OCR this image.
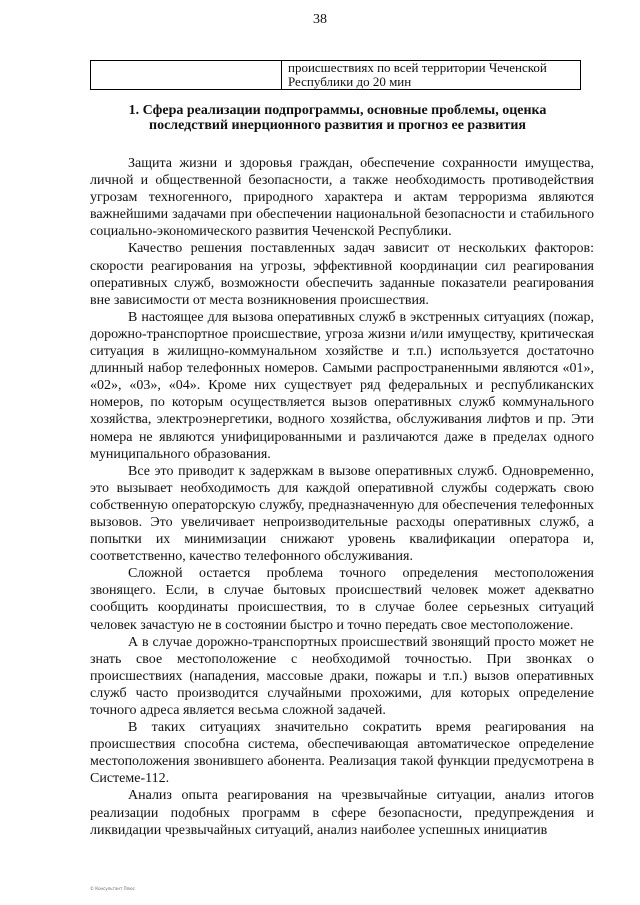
38
	происшествиях по всей территории Чеченской Республики до 20 мин
1. Сфера реализации подпрограммы, основные проблемы, оценка последствий инерционного развития и прогноз ее развития

Защита жизни и здоровья граждан, обеспечение сохранности имущества, личной и общественной безопасности, а также необходимость противодействия угрозам техногенного, природного характера и актам терроризма являются важнейшими задачами при обеспечении национальной безопасности и стабильного социально-экономического развития Чеченской Республики.

Качество решения поставленных задач зависит от нескольких факторов: скорости реагирования на угрозы, эффективной координации сил реагирования оперативных служб, возможности обеспечить заданные показатели реагирования вне зависимости от места возникновения происшествия.

В настоящее для вызова оперативных служб в экстренных ситуациях (пожар, дорожно-транспортное происшествие, угроза жизни и/или имуществу, критическая ситуация в жилищно-коммунальном хозяйстве и т.п.) используется достаточно длинный набор телефонных номеров. Самыми распространенными являются «01», «02», «03», «04». Кроме них существует ряд федеральных и республиканских номеров, по которым осуществляется вызов оперативных служб коммунального хозяйства, электроэнергетики, водного хозяйства, обслуживания лифтов и пр. Эти номера не являются унифицированными и различаются даже в пределах одного муниципального образования.

Все это приводит к задержкам в вызове оперативных служб. Одновременно, это вызывает необходимость для каждой оперативной службы содержать свою собственную операторскую службу, предназначенную для обеспечения телефонных вызовов. Это увеличивает непроизводительные расходы оперативных служб, а попытки их минимизации снижают уровень квалификации оператора и, соответственно, качество телефонного обслуживания.

Сложной остается проблема точного определения местоположения звонящего. Если, в случае бытовых происшествий человек может адекватно сообщить координаты происшествия, то в случае более серьезных ситуаций человек зачастую не в состоянии быстро и точно передать свое местоположение.

А в случае дорожно-транспортных происшествий звонящий просто может не знать свое местоположение с необходимой точностью. При звонках о происшествиях (нападения, массовые драки, пожары и т.п.) вызов оперативных служб часто производится случайными прохожими, для которых определение точного адреса является весьма сложной задачей.

В таких ситуациях значительно сократить время реагирования на происшествия способна система, обеспечивающая автоматическое определение местоположения звонившего абонента. Реализация такой функции предусмотрена в Системе-112.

Анализ опыта реагирования на чрезвычайные ситуации, анализ итогов реализации подобных программ в сфере безопасности, предупреждения и ликвидации чрезвычайных ситуаций, анализ наиболее успешных инициатив

© Консультант Плюс
